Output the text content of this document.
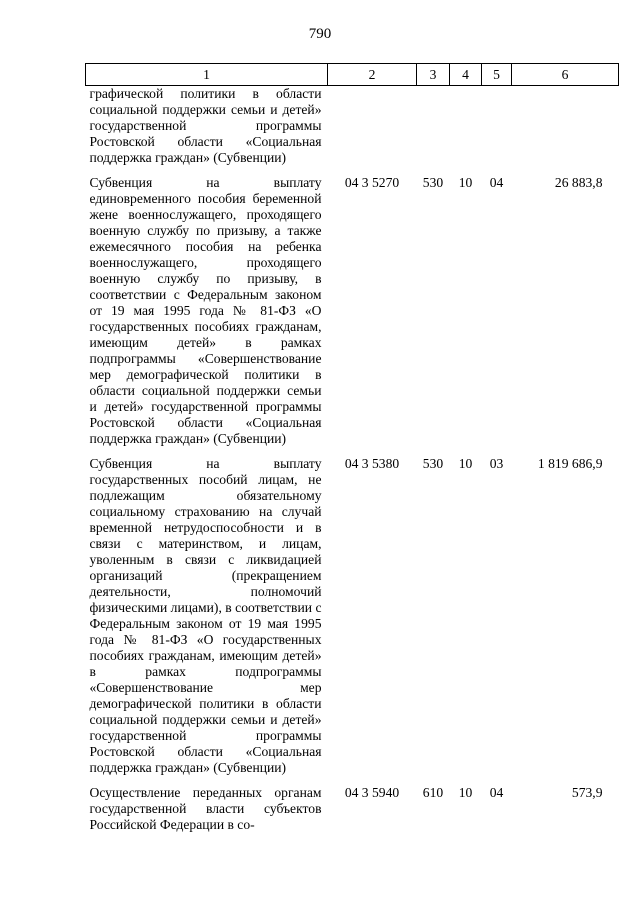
790
1	2	3	4	5	6
графической политики в области социальной поддержки семьи и детей» государственной программы Ростовской области «Социальная поддержка граждан» (Субвенции)					
Субвенция на выплату единовременного пособия беременной жене военнослужащего, проходящего военную службу по призыву, а также ежемесячного пособия на ребенка военнослужащего, проходящего военную службу по призыву, в соответствии с Федеральным законом от 19 мая 1995 года № 81-ФЗ «О государственных пособиях гражданам, имеющим детей» в рамках подпрограммы «Совершенствование мер демографической политики в области социальной поддержки семьи и детей» государственной программы Ростовской области «Социальная поддержка граждан» (Субвенции)	04 3 5270	530	10	04	26 883,8
Субвенция на выплату государственных пособий лицам, не подлежащим обязательному социальному страхованию на случай временной нетрудоспособности и в связи с материнством, и лицам, уволенным в связи с ликвидацией организаций (прекращением деятельности, полномочий физическими лицами), в соответствии с Федеральным законом от 19 мая 1995 года № 81-ФЗ «О государственных пособиях гражданам, имеющим детей» в рамках подпрограммы «Совершенствование мер демографической политики в области социальной поддержки семьи и детей» государственной программы Ростовской области «Социальная поддержка граждан» (Субвенции)	04 3 5380	530	10	03	1 819 686,9
Осуществление переданных органам государственной власти субъектов Российской Федерации в со-	04 3 5940	610	10	04	573,9
